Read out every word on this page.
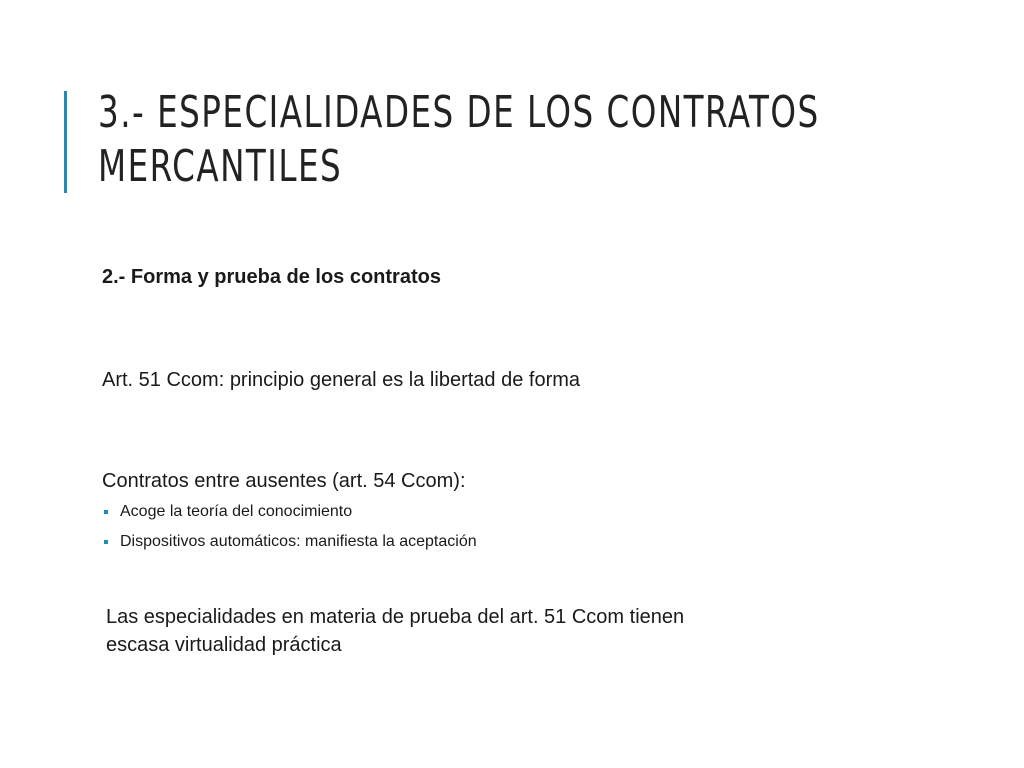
3.- ESPECIALIDADES DE LOS CONTRATOS
MERCANTILES

2.- Forma y prueba de los contratos

Art. 51 Ccom: principio general es la libertad de forma

Contratos entre ausentes (art. 54 Ccom):

Acoge la teoría del conocimiento
Dispositivos automáticos: manifiesta la aceptación

Las especialidades en materia de prueba del art. 51 Ccom tienen
escasa virtualidad práctica
